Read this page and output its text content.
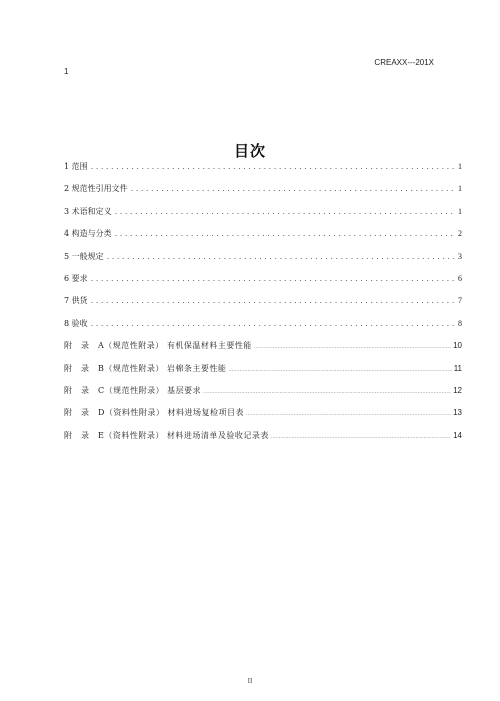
CREAXX---201X
1
目次
1 范围 . . .	1
2 规范性引用文件 . . .	1
3 术语和定义 . . .	1
4 构造与分类 . . .	2
5 一般规定 . . .	3
6 要求 . . .	6
7 供货 . . .	7
8 验收 . . .	8
附　录　A（规范性附录） 有机保温材料主要性能 .....	10
附　录　B（规范性附录） 岩棉条主要性能 .....	11
附　录　C（规范性附录） 基层要求 .....	12
附　录　D（资料性附录） 材料进场复检项目表 .....	13
附　录　E（资料性附录） 材料进场清单及验收记录表 .....	14
II
